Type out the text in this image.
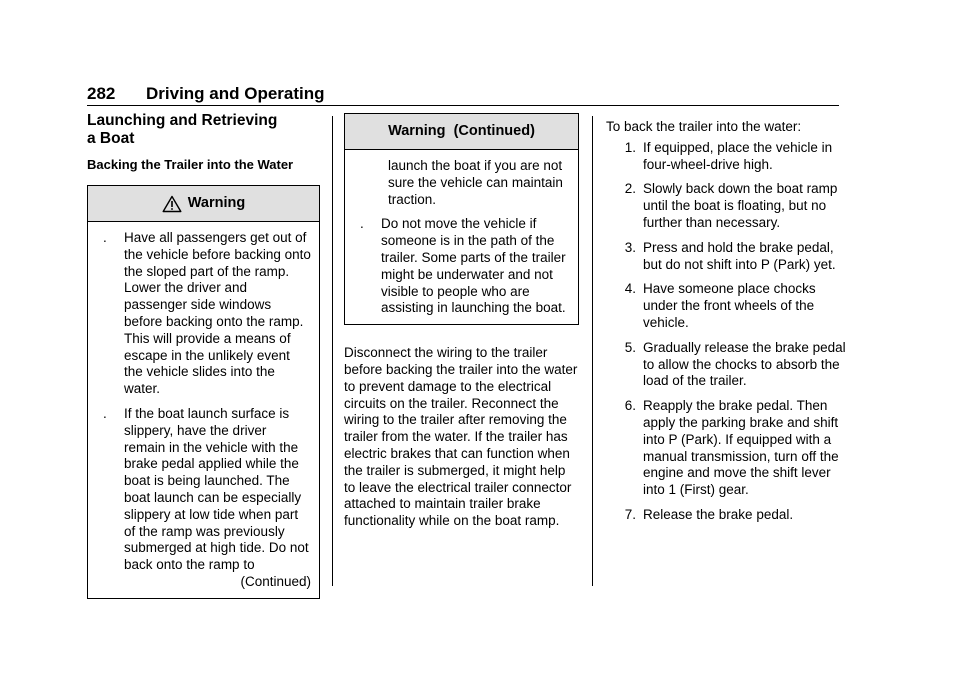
282 Driving and Operating
Launching and Retrieving
a Boat
Backing the Trailer into the Water
Warning
.	Have all passengers get out of the vehicle before backing onto the sloped part of the ramp. Lower the driver and passenger side windows before backing onto the ramp. This will provide a means of escape in the unlikely event the vehicle slides into the water.
.	If the boat launch surface is slippery, have the driver remain in the vehicle with the brake pedal applied while the boat is being launched. The boat launch can be especially slippery at low tide when part of the ramp was previously submerged at high tide. Do not back onto the ramp to
(Continued)
Warning  (Continued)
launch the boat if you are not sure the vehicle can maintain traction.
.	Do not move the vehicle if someone is in the path of the trailer. Some parts of the trailer might be underwater and not visible to people who are assisting in launching the boat.
Disconnect the wiring to the trailer before backing the trailer into the water to prevent damage to the electrical circuits on the trailer. Reconnect the wiring to the trailer after removing the trailer from the water. If the trailer has electric brakes that can function when the trailer is submerged, it might help to leave the electrical trailer connector attached to maintain trailer brake functionality while on the boat ramp.
To back the trailer into the water:
1. If equipped, place the vehicle in four-wheel-drive high.
2. Slowly back down the boat ramp until the boat is floating, but no further than necessary.
3. Press and hold the brake pedal, but do not shift into P (Park) yet.
4. Have someone place chocks under the front wheels of the vehicle.
5. Gradually release the brake pedal to allow the chocks to absorb the load of the trailer.
6. Reapply the brake pedal. Then apply the parking brake and shift into P (Park). If equipped with a manual transmission, turn off the engine and move the shift lever into 1 (First) gear.
7. Release the brake pedal.
